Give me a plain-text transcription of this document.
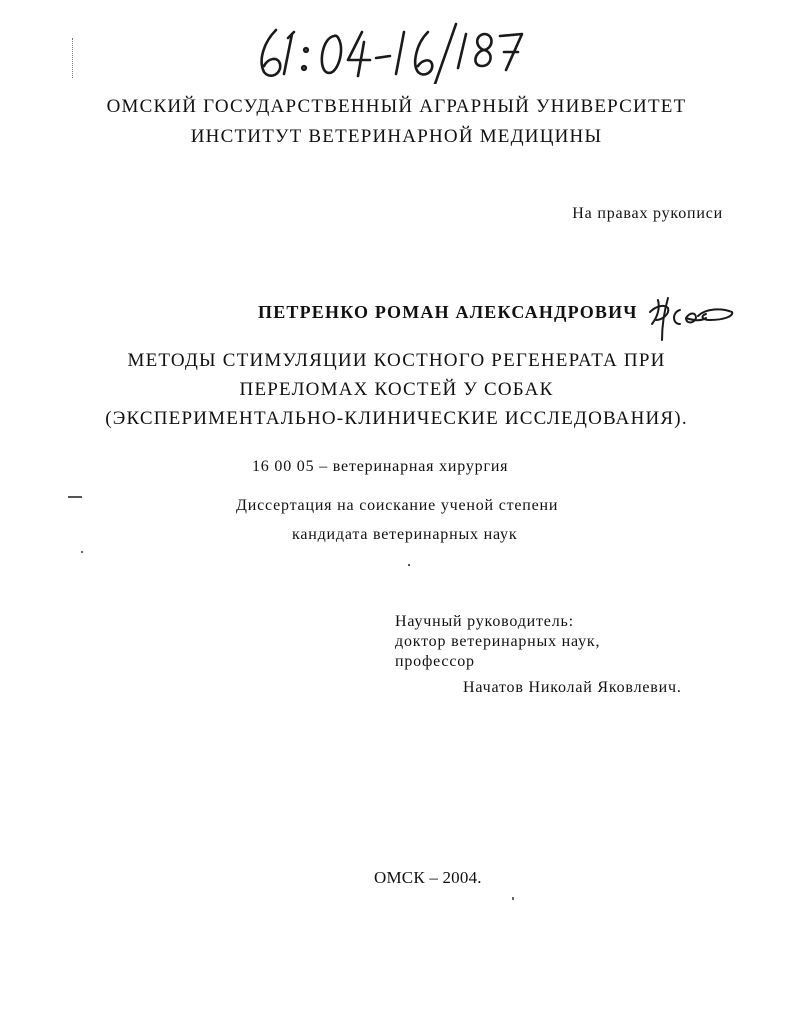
ОМСКИЙ ГОСУДАРСТВЕННЫЙ АГРАРНЫЙ УНИВЕРСИТЕТ
ИНСТИТУТ ВЕТЕРИНАРНОЙ МЕДИЦИНЫ
На правах рукописи
ПЕТРЕНКО РОМАН АЛЕКСАНДРОВИЧ
МЕТОДЫ СТИМУЛЯЦИИ КОСТНОГО РЕГЕНЕРАТА ПРИ
ПЕРЕЛОМАХ КОСТЕЙ У СОБАК
(ЭКСПЕРИМЕНТАЛЬНО-КЛИНИЧЕСКИЕ ИССЛЕДОВАНИЯ).
16 00 05 – ветеринарная хирургия
Диссертация на соискание ученой степени
кандидата ветеринарных наук
Научный руководитель:
доктор ветеринарных наук,
профессор
Начатов Николай Яковлевич.
ОМСК – 2004.
